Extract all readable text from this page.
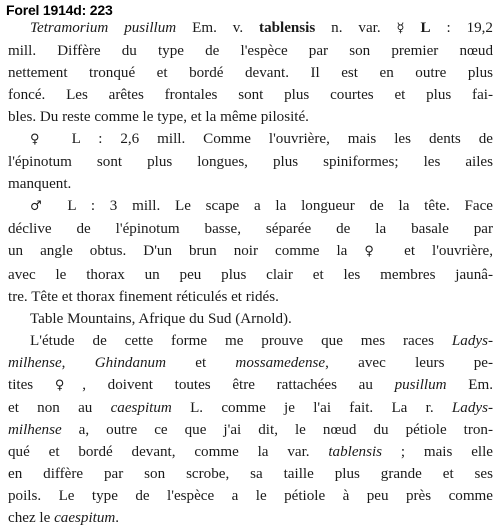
Forel 1914d: 223
Tetramorium pusillum Em. v. tablensis n. var. ☿ L : 19,2
mill. Diffère du type de l'espèce par son premier nœud
nettement tronqué et bordé devant. Il est en outre plus
foncé. Les arêtes frontales sont plus courtes et plus fai-
bles. Du reste comme le type, et la même pilosité.
♀ L : 2,6 mill. Comme l'ouvrière, mais les dents de
l'épinotum sont plus longues, plus spiniformes; les ailes
manquent.
♂ L : 3 mill. Le scape a la longueur de la tête. Face
déclive de l'épinotum basse, séparée de la basale par
un angle obtus. D'un brun noir comme la ♀ et l'ouvrière,
avec le thorax un peu plus clair et les membres jaunâ-
tre. Tête et thorax finement réticulés et ridés.
Table Mountains, Afrique du Sud (Arnold).
L'étude de cette forme me prouve que mes races Ladys-
milhense, Ghindanum et mossamedense, avec leurs pe-
tites ♀, doivent toutes être rattachées au pusillum Em.
et non au caespitum L. comme je l'ai fait. La r. Ladys-
milhense a, outre ce que j'ai dit, le nœud du pétiole tron-
qué et bordé devant, comme la var. tablensis ; mais elle
en diffère par son scrobe, sa taille plus grande et ses
poils. Le type de l'espèce a le pétiole à peu près comme
chez le caespitum.
